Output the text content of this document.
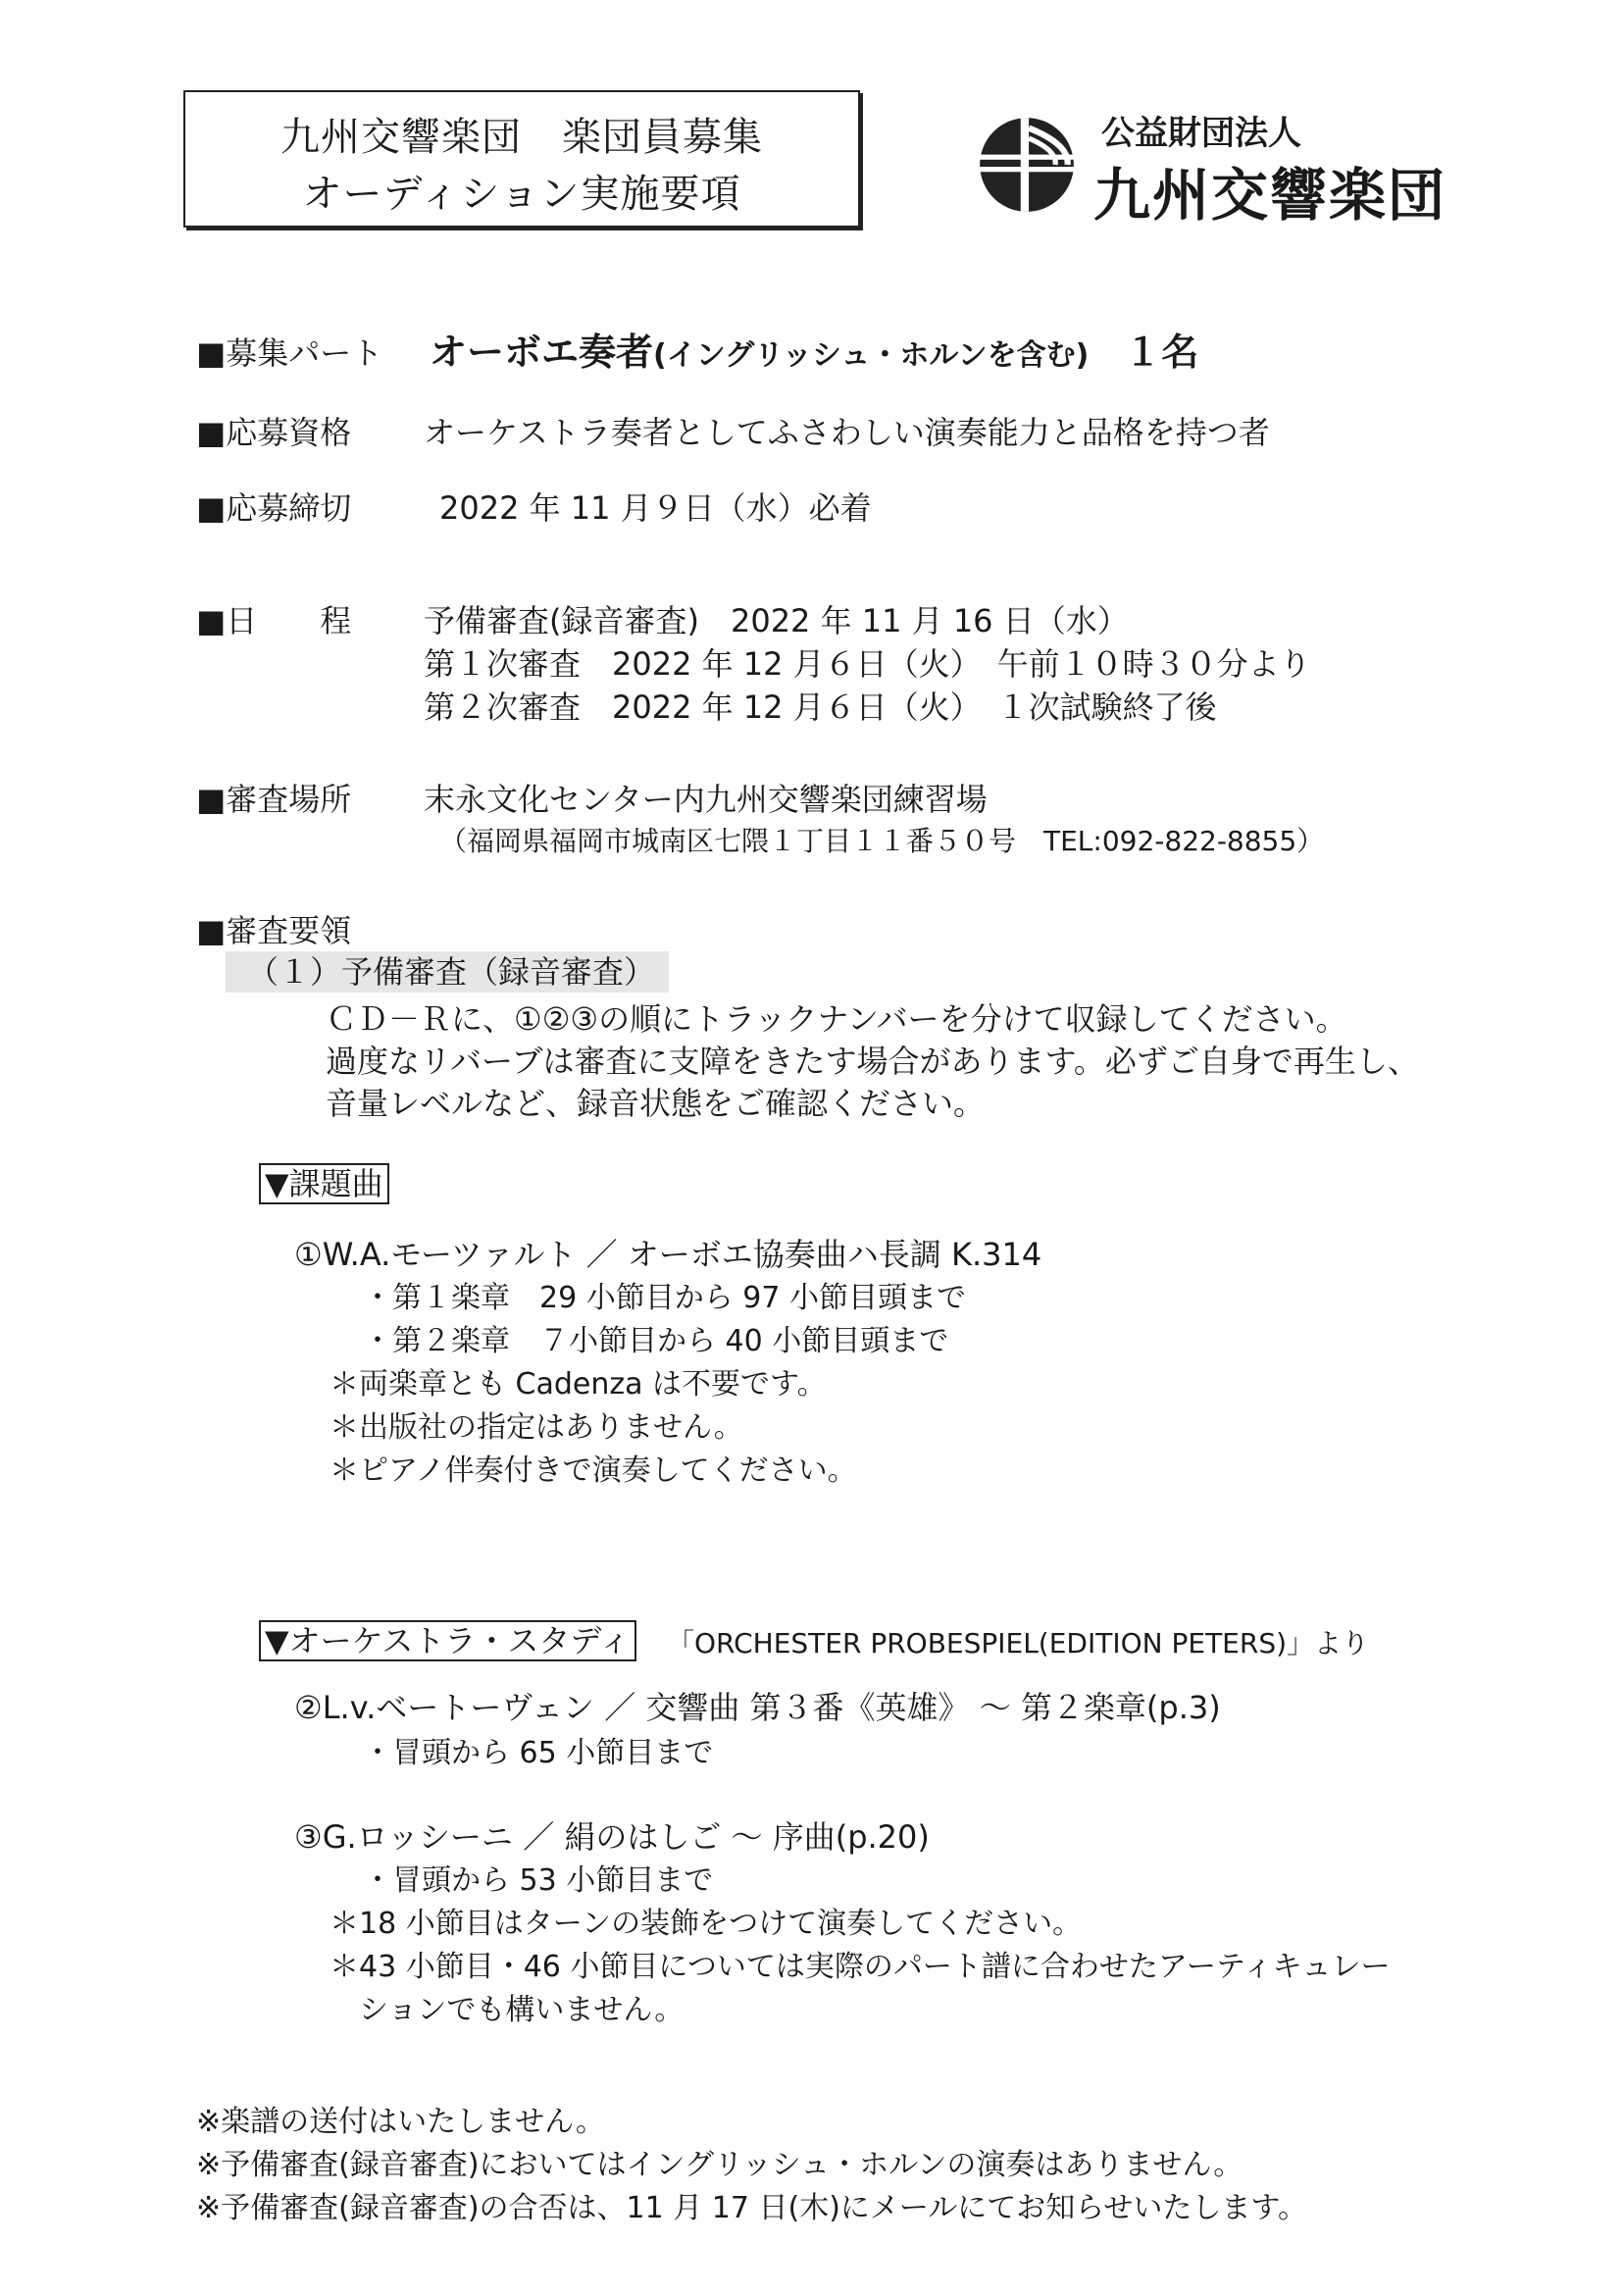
九州交響楽団　楽団員募集
オーディション実施要項
公益財団法人
九州交響楽団
■募集パート オーボエ奏者(イングリッシュ・ホルンを含む) １名
■応募資格 オーケストラ奏者としてふさわしい演奏能力と品格を持つ者
■応募締切	2022 年 11 月９日（水）必着
■日　　程 予備審査(録音審査)　2022 年 11 月 16 日（水）
第１次審査　2022 年 12 月６日（火）　午前１０時３０分より
第２次審査　2022 年 12 月６日（火）　１次試験終了後
■審査場所 末永文化センター内九州交響楽団練習場
（福岡県福岡市城南区七隈１丁目１１番５０号　TEL:092-822-8855）
■審査要領
（１）予備審査（録音審査）
ＣＤ－Ｒに、①②③の順にトラックナンバーを分けて収録してください。
過度なリバーブは審査に支障をきたす場合があります。必ずご自身で再生し、
音量レベルなど、録音状態をご確認ください。
▼課題曲
①W.A.モーツァルト ／ オーボエ協奏曲ハ長調 K.314
・第１楽章　29 小節目から 97 小節目頭まで
・第２楽章　７小節目から 40 小節目頭まで
＊両楽章とも Cadenza は不要です。
＊出版社の指定はありません。
＊ピアノ伴奏付きで演奏してください。
▼オーケストラ・スタディ 「ORCHESTER PROBESPIEL(EDITION PETERS)」より
②L.v.ベートーヴェン ／ 交響曲 第３番《英雄》 ～ 第２楽章(p.3)
・冒頭から 65 小節目まで
③G.ロッシーニ ／ 絹のはしご ～ 序曲(p.20)
・冒頭から 53 小節目まで
＊18 小節目はターンの装飾をつけて演奏してください。
＊43 小節目・46 小節目については実際のパート譜に合わせたアーティキュレー
ションでも構いません。
※楽譜の送付はいたしません。
※予備審査(録音審査)においてはイングリッシュ・ホルンの演奏はありません。
※予備審査(録音審査)の合否は、11 月 17 日(木)にメールにてお知らせいたします。
